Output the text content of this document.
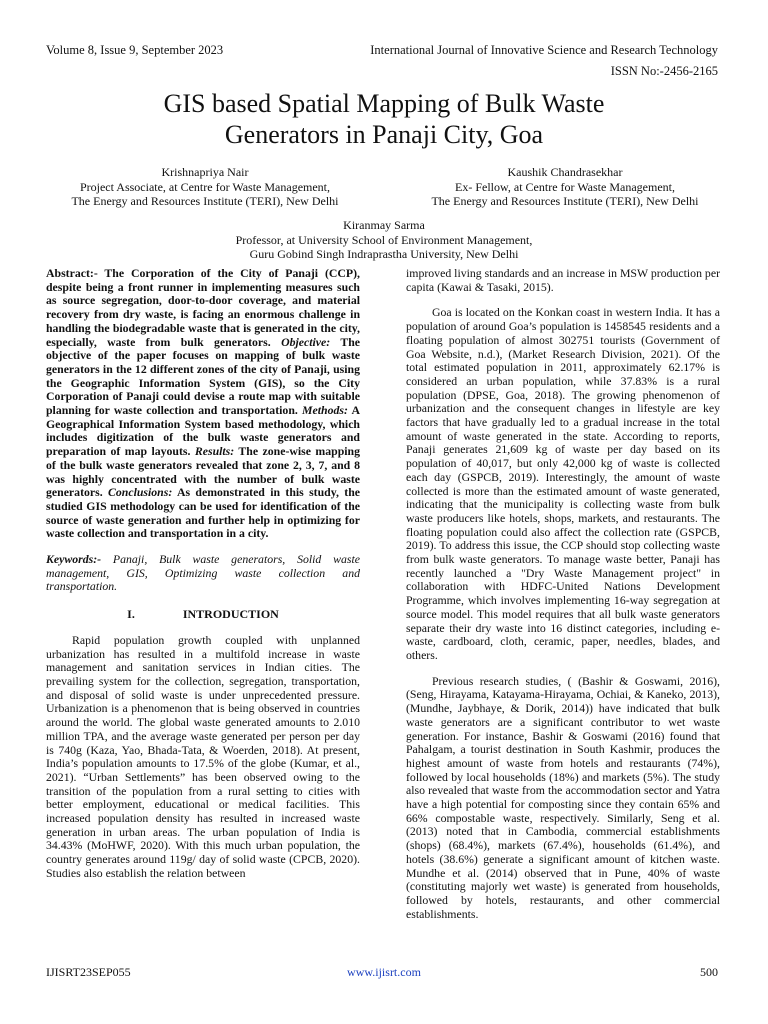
Volume 8, Issue 9, September 2023	International Journal of Innovative Science and Research Technology
ISSN No:-2456-2165
GIS based Spatial Mapping of Bulk Waste
Generators in Panaji City, Goa
Krishnapriya Nair
Project Associate, at Centre for Waste Management,
The Energy and Resources Institute (TERI), New Delhi
Kaushik Chandrasekhar
Ex- Fellow, at Centre for Waste Management,
The Energy and Resources Institute (TERI), New Delhi
Kiranmay Sarma
Professor, at University School of Environment Management,
Guru Gobind Singh Indraprastha University, New Delhi

Abstract:- The Corporation of the City of Panaji (CCP), despite being a front runner in implementing measures such as source segregation, door-to-door coverage, and material recovery from dry waste, is facing an enormous challenge in handling the biodegradable waste that is generated in the city, especially, waste from bulk generators. Objective: The objective of the paper focuses on mapping of bulk waste generators in the 12 different zones of the city of Panaji, using the Geographic Information System (GIS), so the City Corporation of Panaji could devise a route map with suitable planning for waste collection and transportation. Methods: A Geographical Information System based methodology, which includes digitization of the bulk waste generators and preparation of map layouts. Results: The zone-wise mapping of the bulk waste generators revealed that zone 2, 3, 7, and 8 was highly concentrated with the number of bulk waste generators. Conclusions: As demonstrated in this study, the studied GIS methodology can be used for identification of the source of waste generation and further help in optimizing for waste collection and transportation in a city.

Keywords:- Panaji, Bulk waste generators, Solid waste management, GIS, Optimizing waste collection and transportation.

I.	INTRODUCTION

Rapid population growth coupled with unplanned urbanization has resulted in a multifold increase in waste management and sanitation services in Indian cities. The prevailing system for the collection, segregation, transportation, and disposal of solid waste is under unprecedented pressure. Urbanization is a phenomenon that is being observed in countries around the world. The global waste generated amounts to 2.010 million TPA, and the average waste generated per person per day is 740g (Kaza, Yao, Bhada-Tata, & Woerden, 2018). At present, India’s population amounts to 17.5% of the globe (Kumar, et al., 2021). “Urban Settlements” has been observed owing to the transition of the population from a rural setting to cities with better employment, educational or medical facilities. This increased population density has resulted in increased waste generation in urban areas. The urban population of India is 34.43% (MoHWF, 2020). With this much urban population, the country generates around 119g/ day of solid waste (CPCB, 2020). Studies also establish the relation between

improved living standards and an increase in MSW production per capita (Kawai & Tasaki, 2015).

Goa is located on the Konkan coast in western India. It has a population of around Goa’s population is 1458545 residents and a floating population of almost 302751 tourists (Government of Goa Website, n.d.), (Market Research Division, 2021). Of the total estimated population in 2011, approximately 62.17% is considered an urban population, while 37.83% is a rural population (DPSE, Goa, 2018). The growing phenomenon of urbanization and the consequent changes in lifestyle are key factors that have gradually led to a gradual increase in the total amount of waste generated in the state. According to reports, Panaji generates 21,609 kg of waste per day based on its population of 40,017, but only 42,000 kg of waste is collected each day (GSPCB, 2019). Interestingly, the amount of waste collected is more than the estimated amount of waste generated, indicating that the municipality is collecting waste from bulk waste producers like hotels, shops, markets, and restaurants. The floating population could also affect the collection rate (GSPCB, 2019). To address this issue, the CCP should stop collecting waste from bulk waste generators. To manage waste better, Panaji has recently launched a "Dry Waste Management project" in collaboration with HDFC-United Nations Development Programme, which involves implementing 16-way segregation at source model. This model requires that all bulk waste generators separate their dry waste into 16 distinct categories, including e-waste, cardboard, cloth, ceramic, paper, needles, blades, and others.

Previous research studies, ( (Bashir & Goswami, 2016), (Seng, Hirayama, Katayama-Hirayama, Ochiai, & Kaneko, 2013), (Mundhe, Jaybhaye, & Dorik, 2014)) have indicated that bulk waste generators are a significant contributor to wet waste generation. For instance, Bashir & Goswami (2016) found that Pahalgam, a tourist destination in South Kashmir, produces the highest amount of waste from hotels and restaurants (74%), followed by local households (18%) and markets (5%). The study also revealed that waste from the accommodation sector and Yatra have a high potential for composting since they contain 65% and 66% compostable waste, respectively. Similarly, Seng et al. (2013) noted that in Cambodia, commercial establishments (shops) (68.4%), markets (67.4%), households (61.4%), and hotels (38.6%) generate a significant amount of kitchen waste. Mundhe et al. (2014) observed that in Pune, 40% of waste (constituting majorly wet waste) is generated from households, followed by hotels, restaurants, and other commercial establishments.

IJISRT23SEP055	www.ijisrt.com	500
